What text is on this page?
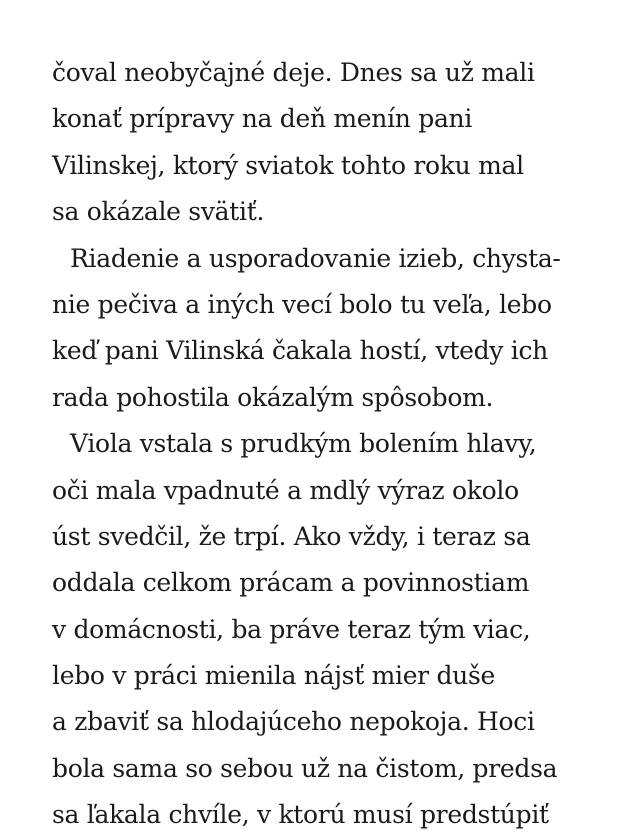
čoval neobyčajné deje. Dnes sa už mali
konať prípravy na deň menín pani
Vilinskej, ktorý sviatok tohto roku mal
sa okázale svätiť.
Riadenie a usporadovanie izieb, chysta-
nie pečiva a iných vecí bolo tu veľa, lebo
keď pani Vilinská čakala hostí, vtedy ich
rada pohostila okázalým spôsobom.
Viola vstala s prudkým bolením hlavy,
oči mala vpadnuté a mdlý výraz okolo
úst svedčil, že trpí. Ako vždy, i teraz sa
oddala celkom prácam a povinnostiam
v domácnosti, ba práve teraz tým viac,
lebo v práci mienila nájsť mier duše
a zbaviť sa hlodajúceho nepokoja. Hoci
bola sama so sebou už na čistom, predsa
sa ľakala chvíle, v ktorú musí predstúpiť
